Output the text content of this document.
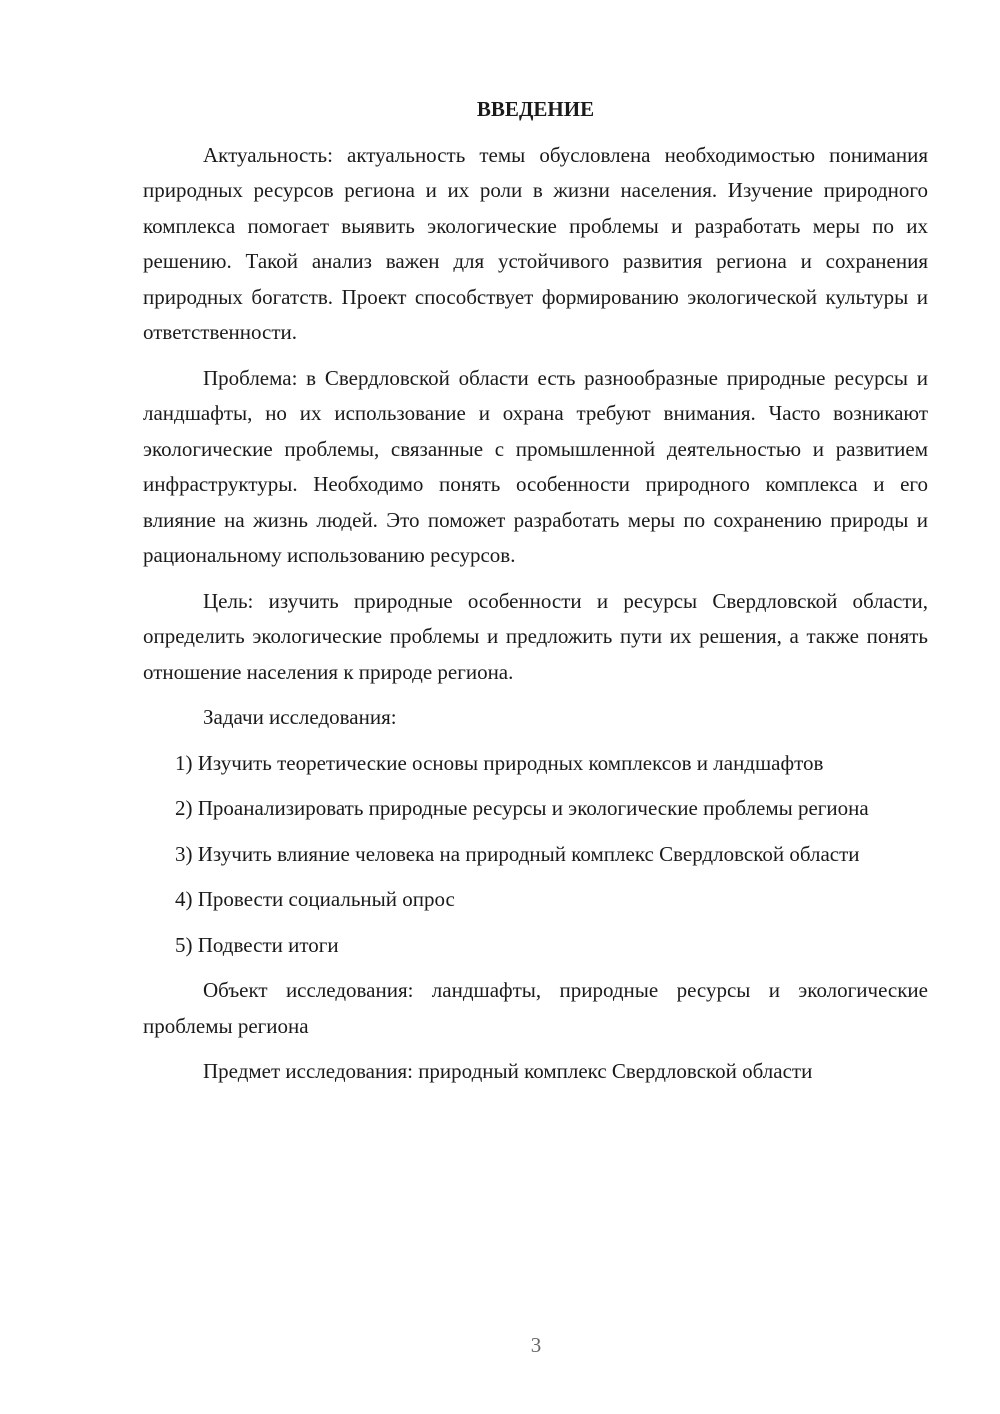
ВВЕДЕНИЕ

Актуальность: актуальность темы обусловлена необходимостью понимания природных ресурсов региона и их роли в жизни населения. Изучение природного комплекса помогает выявить экологические проблемы и разработать меры по их решению. Такой анализ важен для устойчивого развития региона и сохранения природных богатств. Проект способствует формированию экологической культуры и ответственности.

Проблема: в Свердловской области есть разнообразные природные ресурсы и ландшафты, но их использование и охрана требуют внимания. Часто возникают экологические проблемы, связанные с промышленной деятельностью и развитием инфраструктуры. Необходимо понять особенности природного комплекса и его влияние на жизнь людей. Это поможет разработать меры по сохранению природы и рациональному использованию ресурсов.

Цель: изучить природные особенности и ресурсы Свердловской области, определить экологические проблемы и предложить пути их решения, а также понять отношение населения к природе региона.

Задачи исследования:

1) Изучить теоретические основы природных комплексов и ландшафтов

2) Проанализировать природные ресурсы и экологические проблемы региона

3) Изучить влияние человека на природный комплекс Свердловской области

4) Провести социальный опрос

5) Подвести итоги

Объект исследования: ландшафты, природные ресурсы и экологические проблемы региона

Предмет исследования: природный комплекс Свердловской области

3
